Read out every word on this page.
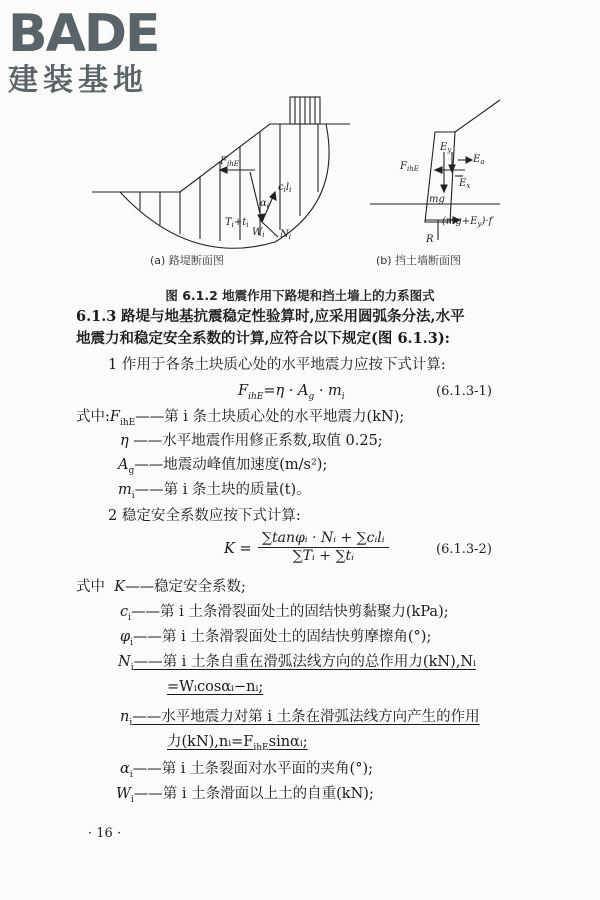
BADE
建装基地
$F_{ihE}$
$c_il_i$
$\alpha_i$
$T_i+t_i$
$W_i$ $N_i$
$F_{ihE}$
$E_y$
$E_a$
$E_x$
mg
R
$(mg+E_y)\cdot f$
(a) 路堤断面图	(b) 挡土墙断面图
图 6.1.2 地震作用下路堤和挡土墙上的力系图式
6.1.3 路堤与地基抗震稳定性验算时,应采用圆弧条分法,水平
地震力和稳定安全系数的计算,应符合以下规定(图 6.1.3):
1 作用于各条土块质心处的水平地震力应按下式计算:
$F_{ihE}=\eta \cdot A_g \cdot m_i$	(6.1.3-1)
式中$:F_{ihE}——$第 i 条土块质心处的水平地震力(kN);
η ——水平地震作用修正系数,取值 0.25;
$A_g——$地震动峰值加速度(m/s²);
$m_i——$第 i 条土块的质量(t)。
2 稳定安全系数应按下式计算:
K =
∑tanφᵢ · Nᵢ + ∑cᵢlᵢ
∑Tᵢ + ∑tᵢ	(6.1.3-2)
式中 K——稳定安全系数;
$c_i——$第 i 土条滑裂面处土的固结快剪黏聚力(kPa);
$\varphi_i——$第 i 土条滑裂面处土的固结快剪摩擦角(°);
$N_i——$第 i 土条自重在滑弧法线方向的总作用力(kN),Nᵢ
=Wᵢcosαᵢ−nᵢ;
$n_i——$水平地震力对第 i 土条在滑弧法线方向产生的作用
力$(kN),nᵢ=F_{ihE}\sin\alpha ᵢ$;
$\alpha_i——$第 i 土条裂面对水平面的夹角(°);
$W_i——$第 i 土条滑面以上土的自重(kN);
· 16 ·
